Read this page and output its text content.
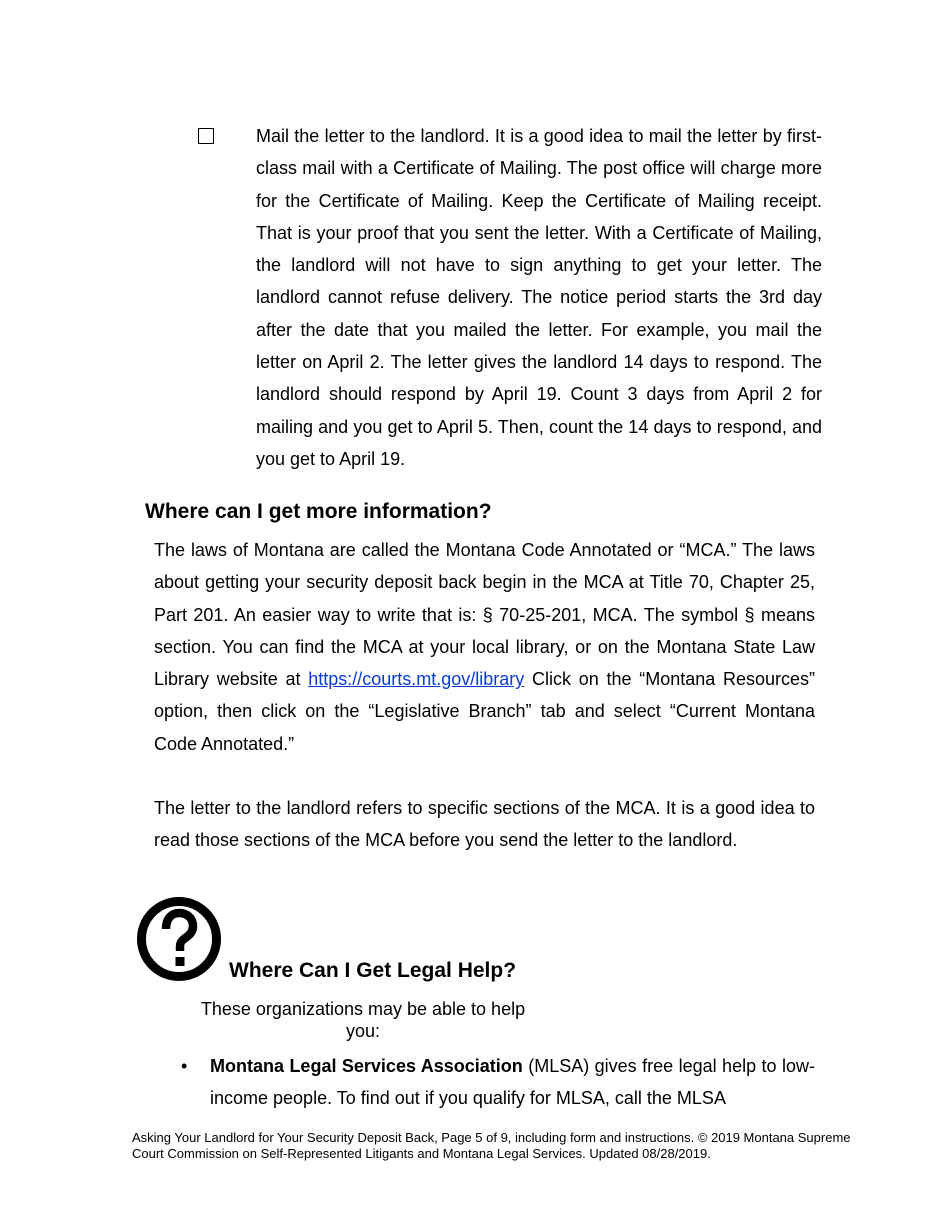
Mail the letter to the landlord. It is a good idea to mail the letter by first-class mail with a Certificate of Mailing. The post office will charge more for the Certificate of Mailing. Keep the Certificate of Mailing receipt. That is your proof that you sent the letter. With a Certificate of Mailing, the landlord will not have to sign anything to get your letter. The landlord cannot refuse delivery. The notice period starts the 3rd day after the date that you mailed the letter. For example, you mail the letter on April 2. The letter gives the landlord 14 days to respond. The landlord should respond by April 19. Count 3 days from April 2 for mailing and you get to April 5. Then, count the 14 days to respond, and you get to April 19.

Where can I get more information?

The laws of Montana are called the Montana Code Annotated or “MCA.” The laws about getting your security deposit back begin in the MCA at Title 70, Chapter 25, Part 201. An easier way to write that is: § 70-25-201, MCA. The symbol § means section. You can find the MCA at your local library, or on the Montana State Law Library website at https://courts.mt.gov/library Click on the “Montana Resources” option, then click on the “Legislative Branch” tab and select “Current Montana Code Annotated.”

The letter to the landlord refers to specific sections of the MCA. It is a good idea to read those sections of the MCA before you send the letter to the landlord.

Where Can I Get Legal Help?

These organizations may be able to help you:

• Montana Legal Services Association (MLSA) gives free legal help to low-income people. To find out if you qualify for MLSA, call the MLSA

Asking Your Landlord for Your Security Deposit Back, Page 5 of 9, including form and instructions. © 2019 Montana Supreme Court Commission on Self-Represented Litigants and Montana Legal Services. Updated 08/28/2019.
